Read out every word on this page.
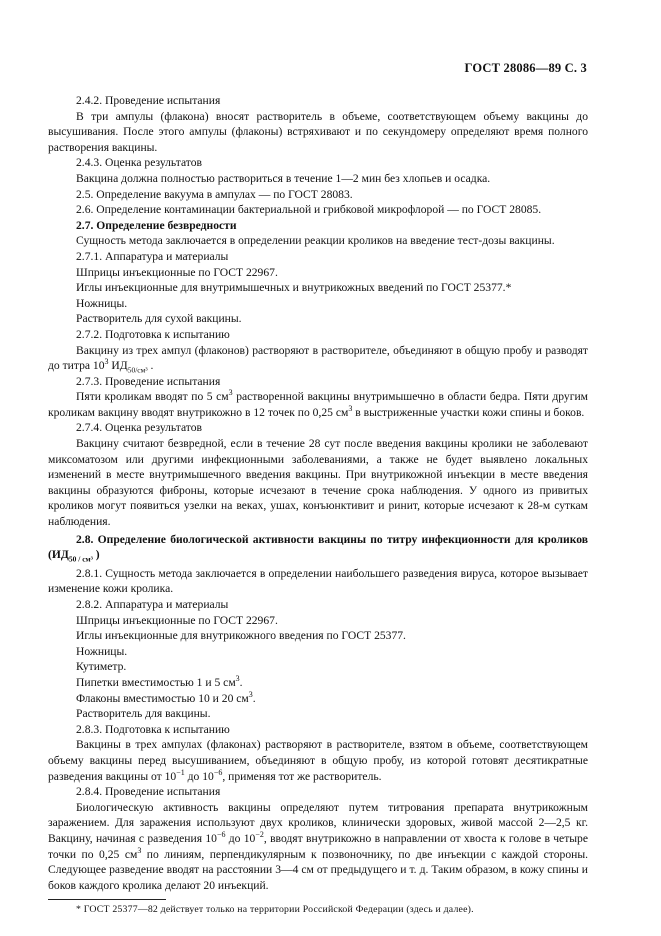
ГОСТ 28086—89 С. 3

2.4.2. Проведение испытания

В три ампулы (флакона) вносят растворитель в объеме, соответствующем объему вакцины до высушивания. После этого ампулы (флаконы) встряхивают и по секундомеру определяют время полного растворения вакцины.

2.4.3. Оценка результатов

Вакцина должна полностью раствориться в течение 1—2 мин без хлопьев и осадка.

2.5. Определение вакуума в ампулах — по ГОСТ 28083.

2.6. Определение контаминации бактериальной и грибковой микрофлорой — по ГОСТ 28085.

2.7. Определение безвредности

Сущность метода заключается в определении реакции кроликов на введение тест-дозы вакцины.

2.7.1. Аппаратура и материалы

Шприцы инъекционные по ГОСТ 22967.

Иглы инъекционные для внутримышечных и внутрикожных введений по ГОСТ 25377.*

Ножницы.

Растворитель для сухой вакцины.

2.7.2. Подготовка к испытанию

Вакцину из трех ампул (флаконов) растворяют в растворителе, объединяют в общую пробу и разводят до титра $10^3$ $ИД_{50/см^3}$ .

2.7.3. Проведение испытания

Пяти кроликам вводят по 5 $см^3$ растворенной вакцины внутримышечно в области бедра. Пяти другим кроликам вакцину вводят внутрикожно в 12 точек по 0,25 $см^3$ в выстриженные участки кожи спины и боков.

2.7.4. Оценка результатов

Вакцину считают безвредной, если в течение 28 сут после введения вакцины кролики не заболевают миксоматозом или другими инфекционными заболеваниями, а также не будет выявлено локальных изменений в месте внутримышечного введения вакцины. При внутрикожной инъекции в месте введения вакцины образуются фиброны, которые исчезают в течение срока наблюдения. У одного из привитых кроликов могут появиться узелки на веках, ушах, конъюнктивит и ринит, которые исчезают к 28-м суткам наблюдения.

2.8. Определение биологической активности вакцины по титру инфекционности для кроликов ($ИД_{50 / см^3}$ )

2.8.1. Сущность метода заключается в определении наибольшего разведения вируса, которое вызывает изменение кожи кролика.

2.8.2. Аппаратура и материалы

Шприцы инъекционные по ГОСТ 22967.

Иглы инъекционные для внутрикожного введения по ГОСТ 25377.

Ножницы.

Кутиметр.

Пипетки вместимостью 1 и 5 $см^3$.

Флаконы вместимостью 10 и 20 $см^3$.

Растворитель для вакцины.

2.8.3. Подготовка к испытанию

Вакцины в трех ампулах (флаконах) растворяют в растворителе, взятом в объеме, соответствующем объему вакцины перед высушиванием, объединяют в общую пробу, из которой готовят десятикратные разведения вакцины от $10^{-1}$ до $10^{-6}$, применяя тот же растворитель.

2.8.4. Проведение испытания

Биологическую активность вакцины определяют путем титрования препарата внутрикожным заражением. Для заражения используют двух кроликов, клинически здоровых, живой массой 2—2,5 кг. Вакцину, начиная с разведения $10^{-6}$ до $10^{-2}$, вводят внутрикожно в направлении от хвоста к голове в четыре точки по 0,25 $см^3$ по линиям, перпендикулярным к позвоночнику, по две инъекции с каждой стороны. Следующее разведение вводят на расстоянии 3—4 см от предыдущего и т. д. Таким образом, в кожу спины и боков каждого кролика делают 20 инъекций.

* ГОСТ 25377—82 действует только на территории Российской Федерации (здесь и далее).
